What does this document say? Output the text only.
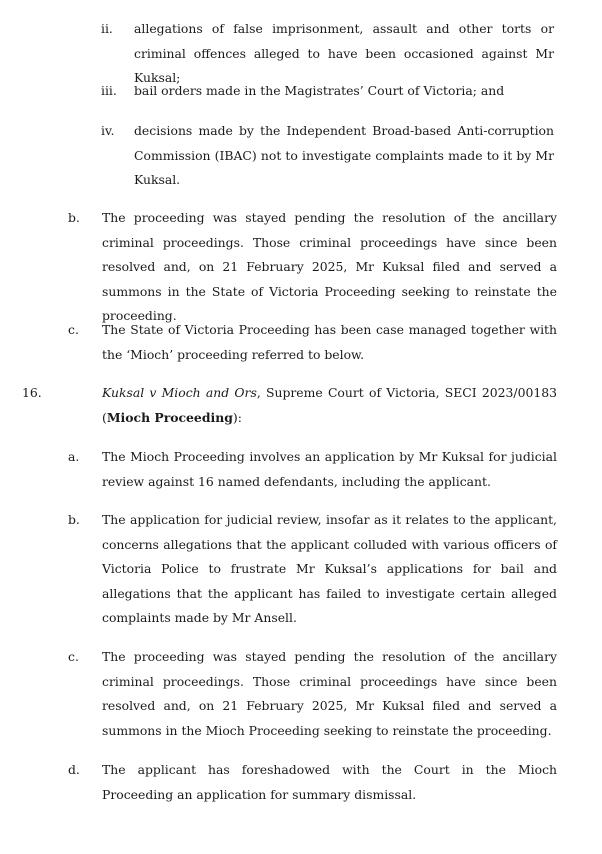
ii.	allegations of false imprisonment, assault and other torts or criminal offences alleged to have been occasioned against Mr Kuksal;
iii.	bail orders made in the Magistrates’ Court of Victoria; and
iv.	decisions made by the Independent Broad-based Anti-corruption Commission (IBAC) not to investigate complaints made to it by Mr Kuksal.
b.	The proceeding was stayed pending the resolution of the ancillary criminal proceedings. Those criminal proceedings have since been resolved and, on 21 February 2025, Mr Kuksal filed and served a summons in the State of Victoria Proceeding seeking to reinstate the proceeding.
c.	The State of Victoria Proceeding has been case managed together with the ‘Mioch’ proceeding referred to below.
16.	Kuksal v Mioch and Ors, Supreme Court of Victoria, SECI 2023/00183 (Mioch Proceeding):
a.	The Mioch Proceeding involves an application by Mr Kuksal for judicial review against 16 named defendants, including the applicant.
b.	The application for judicial review, insofar as it relates to the applicant, concerns allegations that the applicant colluded with various officers of Victoria Police to frustrate Mr Kuksal’s applications for bail and allegations that the applicant has failed to investigate certain alleged complaints made by Mr Ansell.
c.	The proceeding was stayed pending the resolution of the ancillary criminal proceedings. Those criminal proceedings have since been resolved and, on 21 February 2025, Mr Kuksal filed and served a summons in the Mioch Proceeding seeking to reinstate the proceeding.
d.	The applicant has foreshadowed with the Court in the Mioch Proceeding an application for summary dismissal.
